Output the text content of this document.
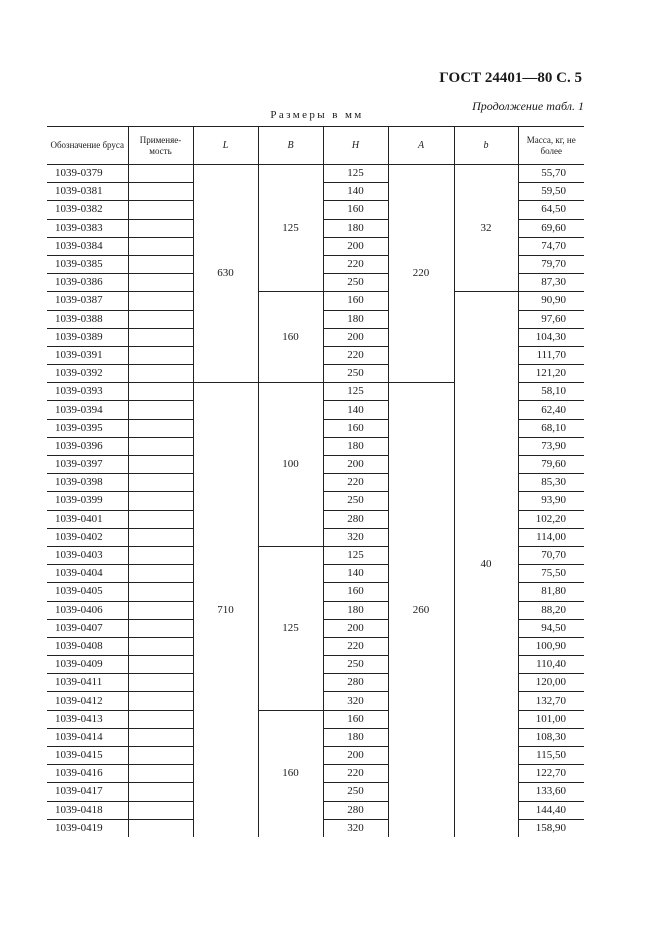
ГОСТ 24401—80 С. 5
Продолжение табл. 1
Размеры в мм
Обозначение бруса	Применяе- мость	L	B	H	A	b	Масса, кг, не более
1039-0379		630	125	125	220	32	55,70
1039-0381				140			59,50
1039-0382				160			64,50
1039-0383				180			69,60
1039-0384				200			74,70
1039-0385				220			79,70
1039-0386				250			87,30
1039-0387			160	160		40	90,90
1039-0388				180			97,60
1039-0389				200			104,30
1039-0391				220			111,70
1039-0392				250			121,20
1039-0393		710	100	125	260		58,10
1039-0394				140			62,40
1039-0395				160			68,10
1039-0396				180			73,90
1039-0397				200			79,60
1039-0398				220			85,30
1039-0399				250			93,90
1039-0401				280			102,20
1039-0402				320			114,00
1039-0403			125	125			70,70
1039-0404				140			75,50
1039-0405				160			81,80
1039-0406				180			88,20
1039-0407				200			94,50
1039-0408				220			100,90
1039-0409				250			110,40
1039-0411				280			120,00
1039-0412				320			132,70
1039-0413			160	160			101,00
1039-0414				180			108,30
1039-0415				200			115,50
1039-0416				220			122,70
1039-0417				250			133,60
1039-0418				280			144,40
1039-0419				320			158,90
